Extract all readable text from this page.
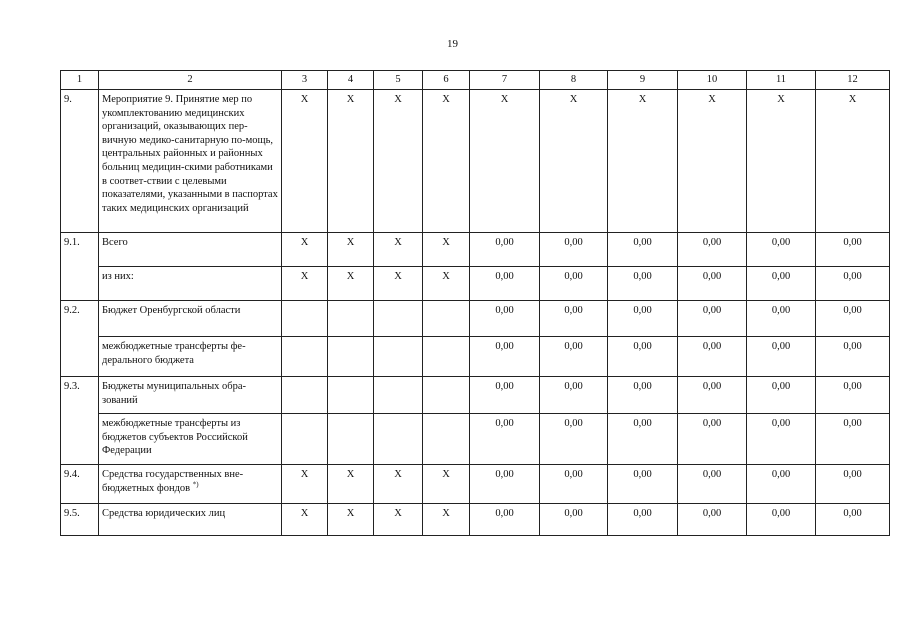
19
1	2	3	4	5	6	7	8	9	10	11	12
9.	Мероприятие 9. Принятие мер по укомплектованию медицинских организаций, оказывающих пер-вичную медико-санитарную по-мощь, центральных районных и районных больниц медицин-скими работниками в соответ-ствии с целевыми показателями, указанными в паспортах таких медицинских организаций	X	X	X	X	X	X	X	X	X	X
9.1.	Всего	X	X	X	X	0,00	0,00	0,00	0,00	0,00	0,00
	из них:	X	X	X	X	0,00	0,00	0,00	0,00	0,00	0,00
9.2.	Бюджет Оренбургской области					0,00	0,00	0,00	0,00	0,00	0,00
	межбюджетные трансферты фе-дерального бюджета					0,00	0,00	0,00	0,00	0,00	0,00
9.3.	Бюджеты муниципальных обра-зований					0,00	0,00	0,00	0,00	0,00	0,00
	межбюджетные трансферты из бюджетов субъектов Российской Федерации					0,00	0,00	0,00	0,00	0,00	0,00
9.4.	Средства государственных вне-бюджетных фондов *)	X	X	X	X	0,00	0,00	0,00	0,00	0,00	0,00
9.5.	Средства юридических лиц	X	X	X	X	0,00	0,00	0,00	0,00	0,00	0,00
